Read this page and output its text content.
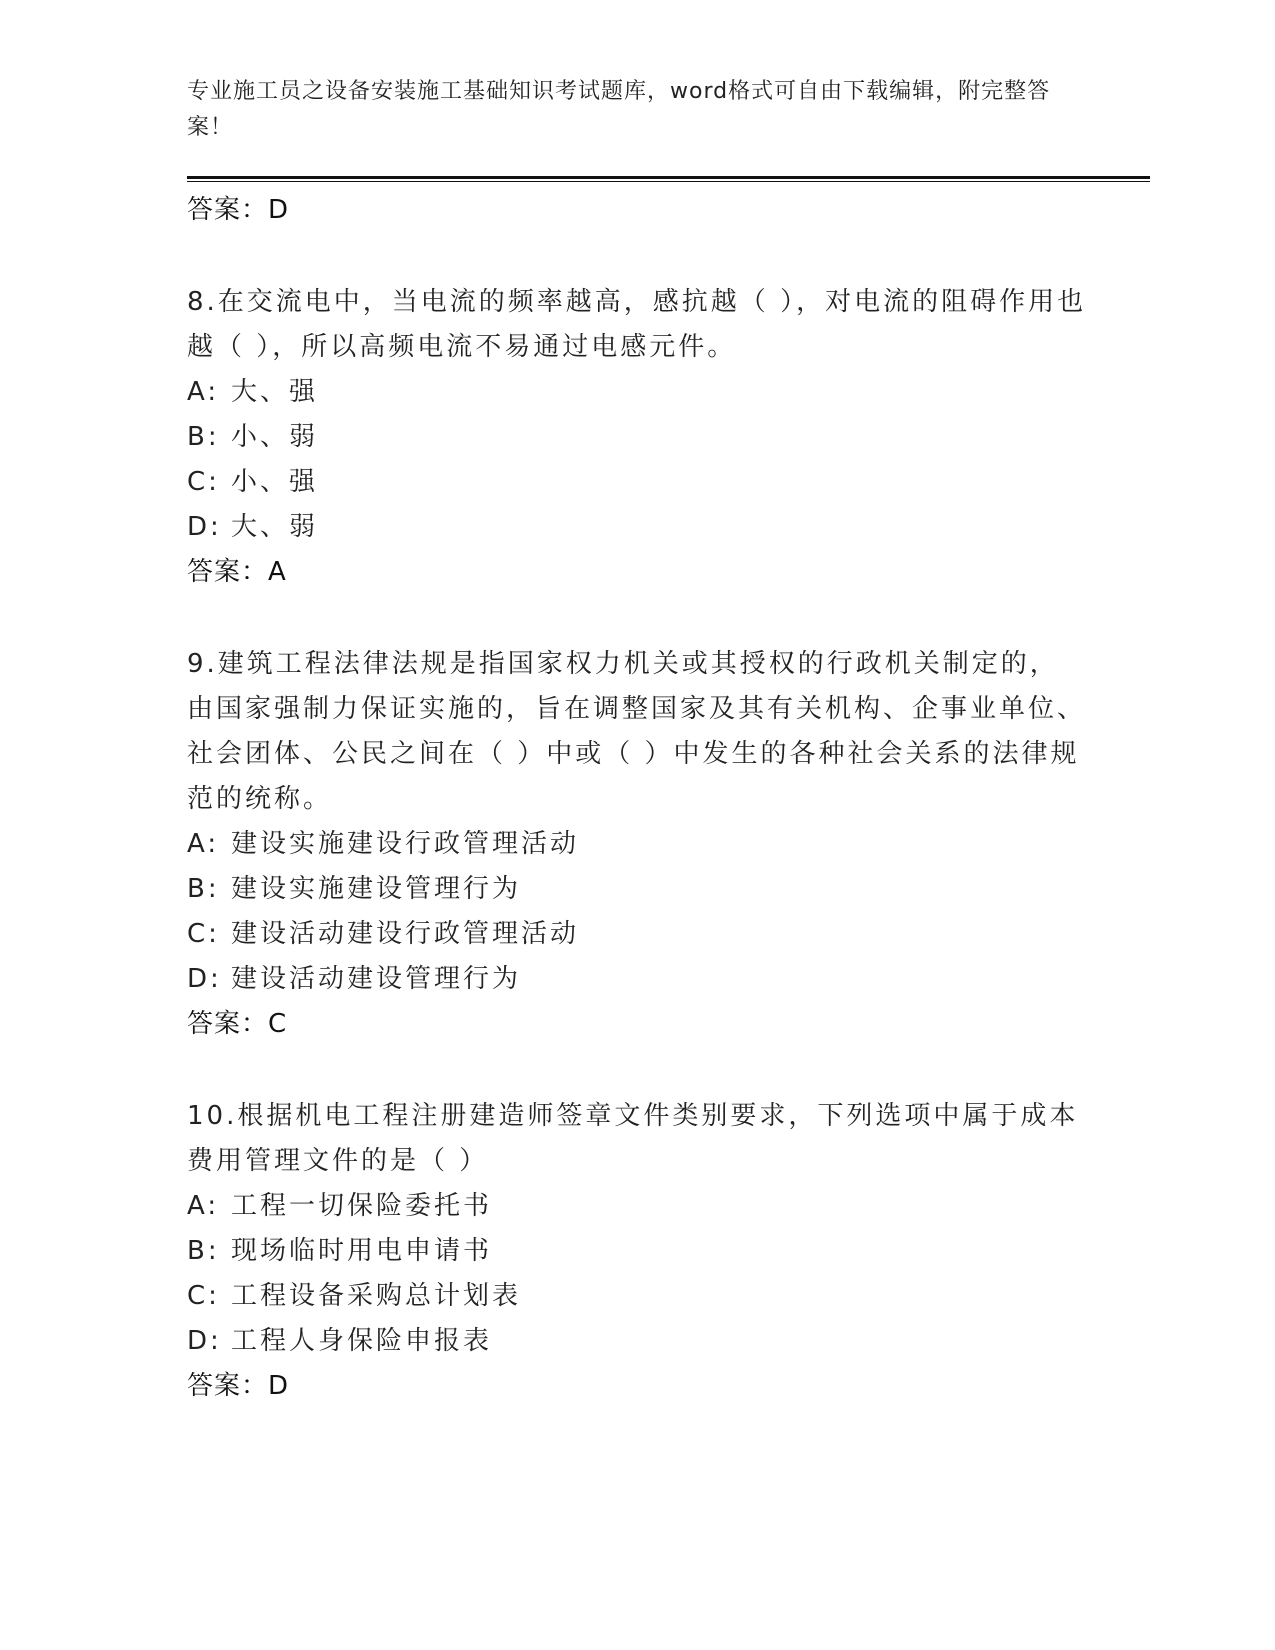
专业施工员之设备安装施工基础知识考试题库，word格式可自由下载编辑，附完整答案！
答案：D
8.在交流电中，当电流的频率越高，感抗越（ ），对电流的阻碍作用也越（ ），所以高频电流不易通过电感元件。
A: 大、强
B: 小、弱
C: 小、强
D: 大、弱
答案：A
9.建筑工程法律法规是指国家权力机关或其授权的行政机关制定的，由国家强制力保证实施的，旨在调整国家及其有关机构、企事业单位、社会团体、公民之间在（ ）中或（ ）中发生的各种社会关系的法律规范的统称。
A: 建设实施建设行政管理活动
B: 建设实施建设管理行为
C: 建设活动建设行政管理活动
D: 建设活动建设管理行为
答案：C
10.根据机电工程注册建造师签章文件类别要求，下列选项中属于成本费用管理文件的是（ ）
A: 工程一切保险委托书
B: 现场临时用电申请书
C: 工程设备采购总计划表
D: 工程人身保险申报表
答案：D
